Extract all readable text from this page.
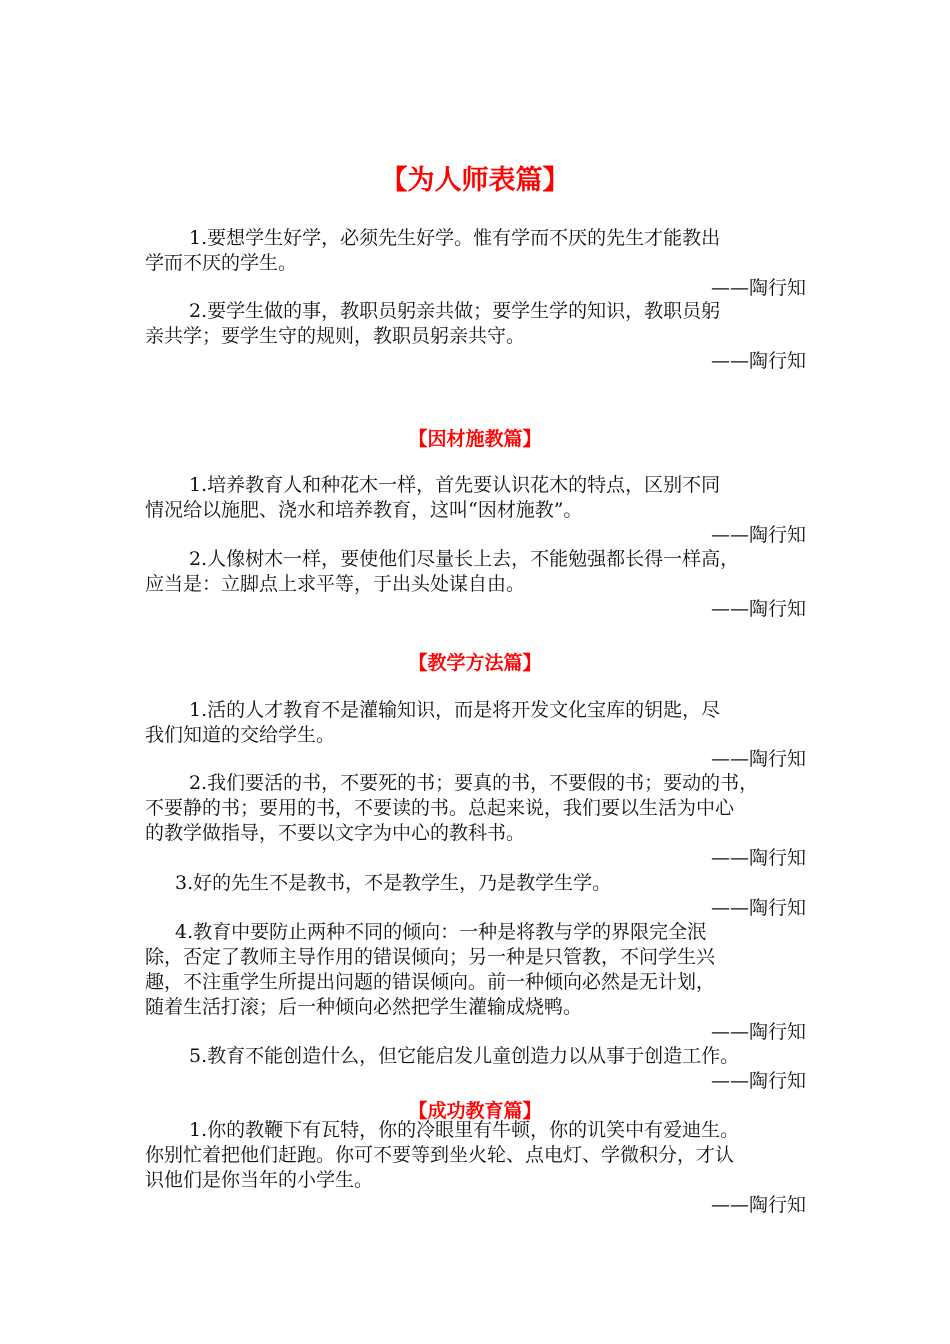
【为人师表篇】
1.要想学生好学，必须先生好学。惟有学而不厌的先生才能教出
学而不厌的学生。
——陶行知
2.要学生做的事，教职员躬亲共做；要学生学的知识，教职员躬
亲共学；要学生守的规则，教职员躬亲共守。
——陶行知
【因材施教篇】
1.培养教育人和种花木一样，首先要认识花木的特点，区别不同
情况给以施肥、浇水和培养教育，这叫“因材施教”。
——陶行知
2.人像树木一样，要使他们尽量长上去，不能勉强都长得一样高，
应当是：立脚点上求平等，于出头处谋自由。
——陶行知
【教学方法篇】
1.活的人才教育不是灌输知识，而是将开发文化宝库的钥匙，尽
我们知道的交给学生。
——陶行知
2.我们要活的书，不要死的书；要真的书，不要假的书；要动的书，
不要静的书；要用的书，不要读的书。总起来说，我们要以生活为中心
的教学做指导，不要以文字为中心的教科书。
——陶行知
3.好的先生不是教书，不是教学生，乃是教学生学。
——陶行知
4.教育中要防止两种不同的倾向：一种是将教与学的界限完全泯
除，否定了教师主导作用的错误倾向；另一种是只管教，不问学生兴
趣，不注重学生所提出问题的错误倾向。前一种倾向必然是无计划，
随着生活打滚；后一种倾向必然把学生灌输成烧鸭。
——陶行知
5.教育不能创造什么，但它能启发儿童创造力以从事于创造工作。
——陶行知
【成功教育篇】
1.你的教鞭下有瓦特，你的冷眼里有牛顿，你的讥笑中有爱迪生。
你别忙着把他们赶跑。你可不要等到坐火轮、点电灯、学微积分，才认
识他们是你当年的小学生。
——陶行知
